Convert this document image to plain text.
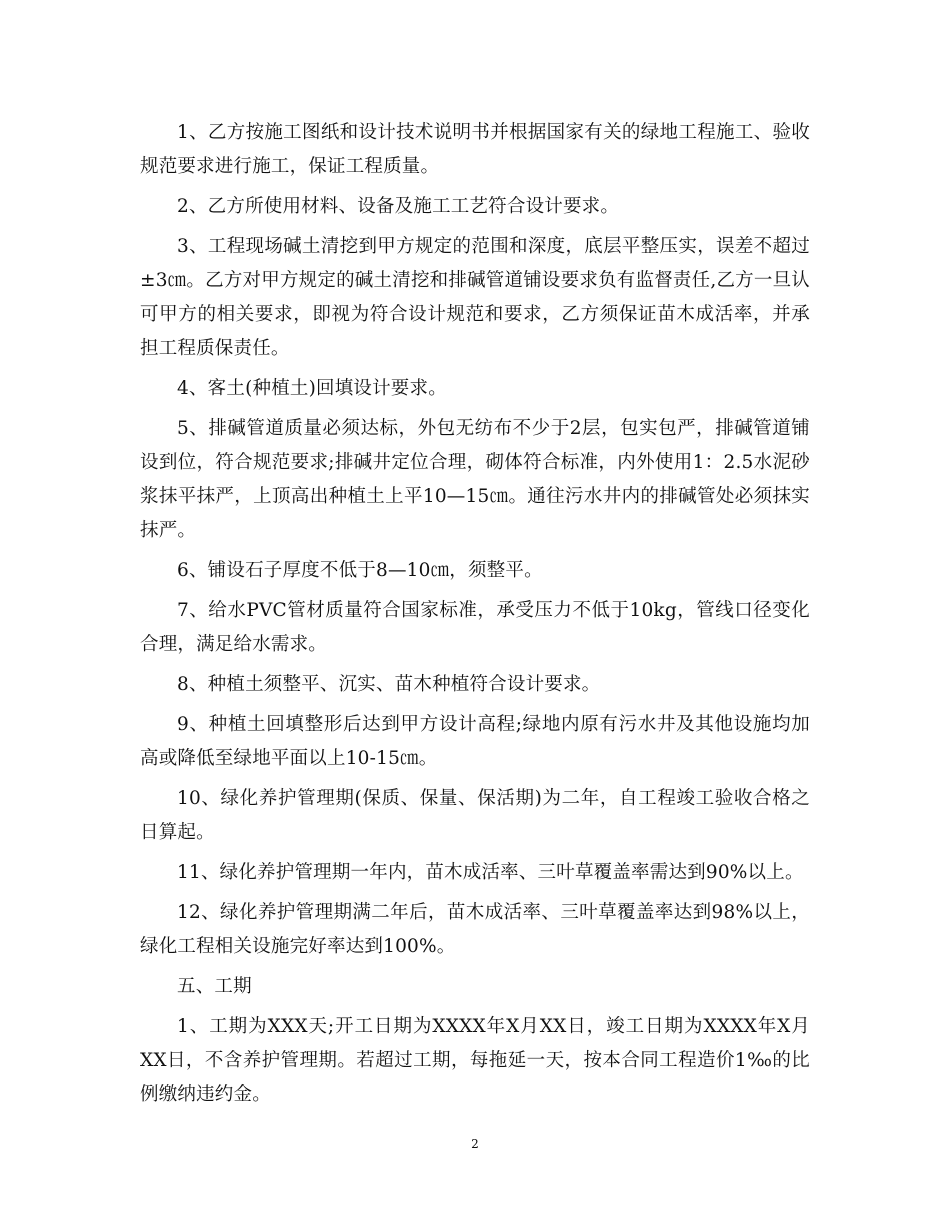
1、乙方按施工图纸和设计技术说明书并根据国家有关的绿地工程施工、验收规范要求进行施工，保证工程质量。

2、乙方所使用材料、设备及施工工艺符合设计要求。

3、工程现场碱土清挖到甲方规定的范围和深度，底层平整压实，误差不超过±3㎝。乙方对甲方规定的碱土清挖和排碱管道铺设要求负有监督责任,乙方一旦认可甲方的相关要求，即视为符合设计规范和要求，乙方须保证苗木成活率，并承担工程质保责任。

4、客土(种植土)回填设计要求。

5、排碱管道质量必须达标，外包无纺布不少于2层，包实包严，排碱管道铺设到位，符合规范要求;排碱井定位合理，砌体符合标准，内外使用1：2.5水泥砂浆抹平抹严，上顶高出种植土上平10—15㎝。通往污水井内的排碱管处必须抹实抹严。

6、铺设石子厚度不低于8—10㎝，须整平。

7、给水PVC管材质量符合国家标准，承受压力不低于10kg，管线口径变化合理，满足给水需求。

8、种植土须整平、沉实、苗木种植符合设计要求。

9、种植土回填整形后达到甲方设计高程;绿地内原有污水井及其他设施均加高或降低至绿地平面以上10-15㎝。

10、绿化养护管理期(保质、保量、保活期)为二年，自工程竣工验收合格之日算起。

11、绿化养护管理期一年内，苗木成活率、三叶草覆盖率需达到90%以上。

12、绿化养护管理期满二年后，苗木成活率、三叶草覆盖率达到98%以上，绿化工程相关设施完好率达到100%。

五、工期

1、工期为XXX天;开工日期为XXXX年X月XX日，竣工日期为XXXX年X月XX日，不含养护管理期。若超过工期，每拖延一天，按本合同工程造价1‰的比例缴纳违约金。

2
